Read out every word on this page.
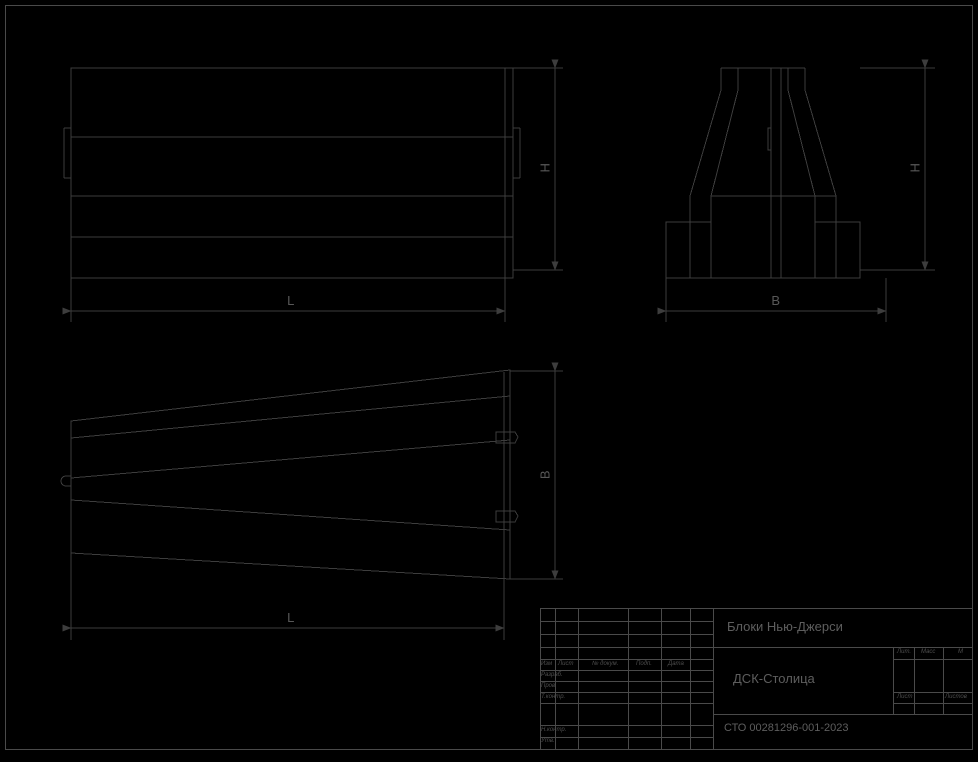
H
L
H
B
B
L
Блоки Нью-Джерси
ДСК-Столица
СТО 00281296-001-2023
Изм Лист	№ докум.	Подп.	Дата
Разраб.
Пров.
Т.контр.
Н.контр.
Утв.
Лит. Масс	М
Лист	Листов
